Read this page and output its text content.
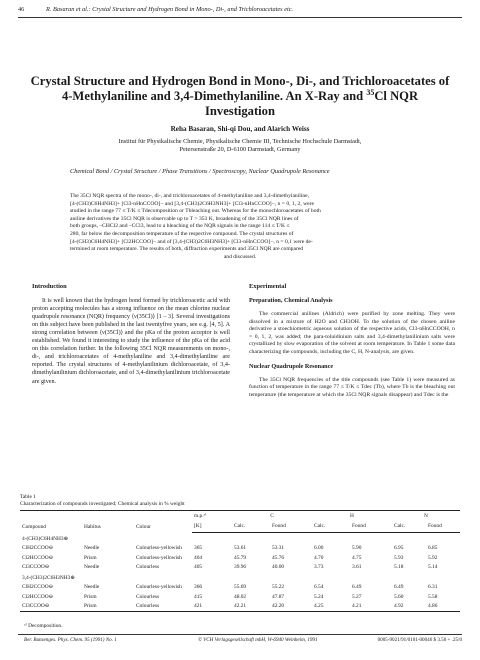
46	R. Basaran et al.: Crystal Structure and Hydrogen Bond in Mono-, Di-, and Trichloroacetates etc.
Crystal Structure and Hydrogen Bond in Mono-, Di-, and Trichloroacetates of
4-Methylaniline and 3,4-Dimethylaniline. An X-Ray and $^{35}$Cl NQR
Investigation
Reha Basaran, Shi-qi Dou, and Alarich Weiss
Institut für Physikalische Chemie, Physikalische Chemie III, Technische Hochschule Darmstadt,
Petersenstraße 20, D-6100 Darmstadt, Germany
Chemical Bond / Crystal Structure / Phase Transitions / Spectroscopy, Nuclear Quadrupole Resonance
The 35Cl NQR spectra of the mono-, di-, and trichloroacetates of 4-methylaniline and 3,4-dimethylaniline,
[4-(CH3)C6H4NH3]+ [Cl3-nHnCCOO]− and [3,4-(CH3)2C6H3NH3]+ [Cl3-nHnCCOO]−, n = 0, 1, 2, were
studied in the range 77 ≤ T/K ≤ Tdecomposition or Tbleaching out. Whereas for the monochloroacetates of both
aniline derivatives the 35Cl NQR is observable up to T > 353 K, broadening of the 35Cl NQR lines of
both groups, –CHCl2 and –CCl3, lead to a bleaching of the NQR signals in the range 114 ≤ T/K ≤
280, far below the decomposition temperature of the respective compound. The crystal structures of
[4-(CH3)C6H4NH3]+ [Cl2HCCOO]− and of [3,4-(CH3)2C6H3NH3]+ [Cl3-nHnCCOO]−, n = 0,1 were de-
termined at room temperature. The results of both, diffraction experiments and 35Cl NQR are compared
and discussed.
Introduction

It is well known that the hydrogen bond formed by trichloroacetic acid with proton accepting molecules has a strong influence on the mean chlorine nuclear quadrupole resonance (NQR) frequency ⟨ν(35Cl)⟩ [1 – 3]. Several investigations on this subject have been published in the last twentyfive years, see e.g. [4, 5]. A strong correlation between ⟨ν(35Cl)⟩ and the pKa of the proton acceptor is well established. We found it interesting to study the influence of the pKa of the acid on this correlation further. In the following 35Cl NQR measurements on mono-, di-, and trichloroacetates of 4-methylaniline and 3,4-dimethylaniline are reported. The crystal structures of 4-methylanilinium dichloroacetate, of 3,4-dimethylanilinium dichloroacetate, and of 3,4-dimethylanilinium trichloroacetate are given.

Experimental
Preparation, Chemical Analysis

The commercial anilines (Aldrich) were purified by zone melting. They were dissolved in a mixture of H2O and CH3OH. To the solution of the chosen aniline derivative a stoechiometric aqueous solution of the respective acids, Cl3-nHnCCOOH, n = 0, 1, 2, was added; the para-toluidinium salts and 3,4-dimethylanilinium salts were crystallized by slow evaporation of the solvent at room temperature. In Table 1 some data characterizing the compounds, including the C, H, N-analysis, are given.

Nuclear Quadrupole Resonance

The 35Cl NQR frequencies of the title compounds (see Table 1) were measured as function of temperature in the range 77 ≤ T/K ≤ Tdec (Tb), where Tb is the bleaching out temperature (the temperature at which the 35Cl NQR signals disappear) and Tdec is the

Table 1
Characterization of compounds investigated; Chemical analysis in % weight
Compound	Habitus	Colour	m.p.ᵃ⁾	C		H		N	
			[K]	Calc.	Found	Calc.	Found	Calc.	Found
4-(CH3)C6H4NH3⊕									
ClH2CCOO⊖	Needle	Colourless-yellowish	365	53.61	53.31	6.00	5.90	6.95	6.85
Cl2HCCOO⊖	Prism	Colourless-yellowish	404	45.79	45.76	4.70	4.75	5.93	5.92
Cl3CCOO⊖	Needle	Colourless	405	39.96	40.00	3.73	3.61	5.18	5.14
3,4-(CH3)2C6H3NH3⊕									
ClH2CCOO⊖	Needle	Colourless-yellowish	366	55.69	55.22	6.54	6.49	6.49	6.31
Cl2HCCOO⊖	Prism	Colourless	415	48.02	47.87	5.24	5.27	5.60	5.58
Cl3CCOO⊖	Prism	Colourless	421	42.21	42.20	4.25	4.21	4.92	4.86
ᵃ⁾ Decomposition.
Ber. Bunsenges. Phys. Chem. 95 (1991) No. 1	© VCH Verlagsgesellschaft mbH, W-6940 Weinheim, 1991	0005-9021/91/0101-00046 $ 3.50 + .25/0
